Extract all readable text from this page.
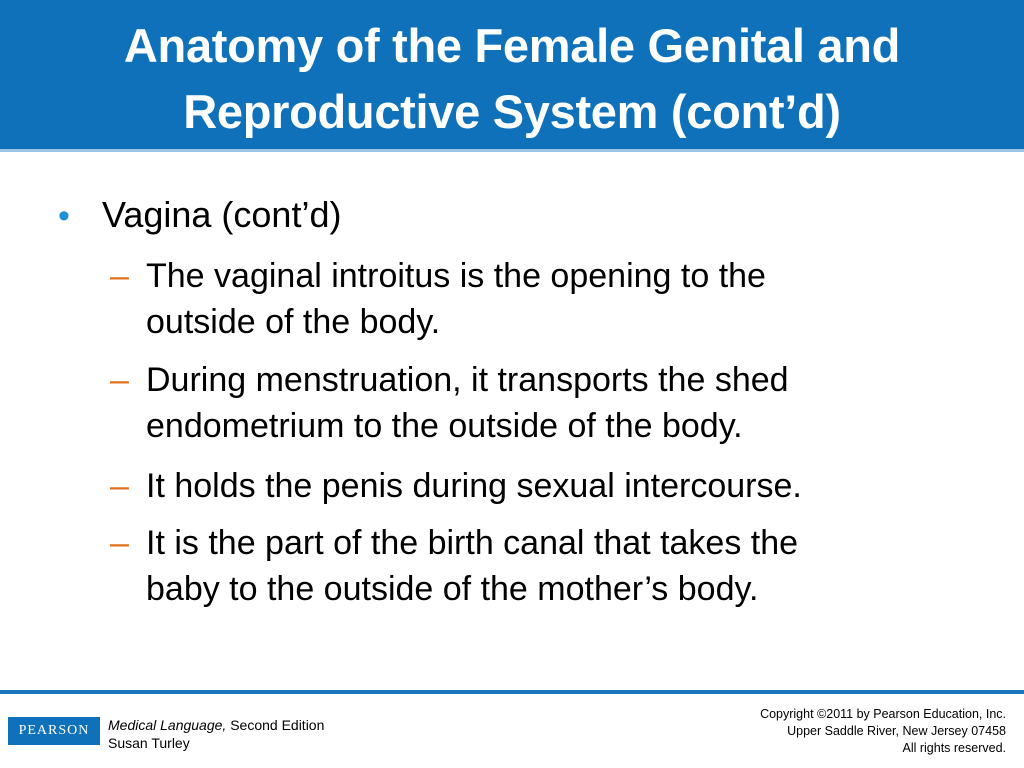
Anatomy of the Female Genital and
Reproductive System (cont’d)
• Vagina (cont’d)
– The vaginal introitus is the opening to the
outside of the body.
– During menstruation, it transports the shed
endometrium to the outside of the body.
– It holds the penis during sexual intercourse.
– It is the part of the birth canal that takes the
baby to the outside of the mother’s body.
PEARSON	Medical Language, Second Edition
Susan Turley
Copyright ©2011 by Pearson Education, Inc.
Upper Saddle River, New Jersey 07458
All rights reserved.
